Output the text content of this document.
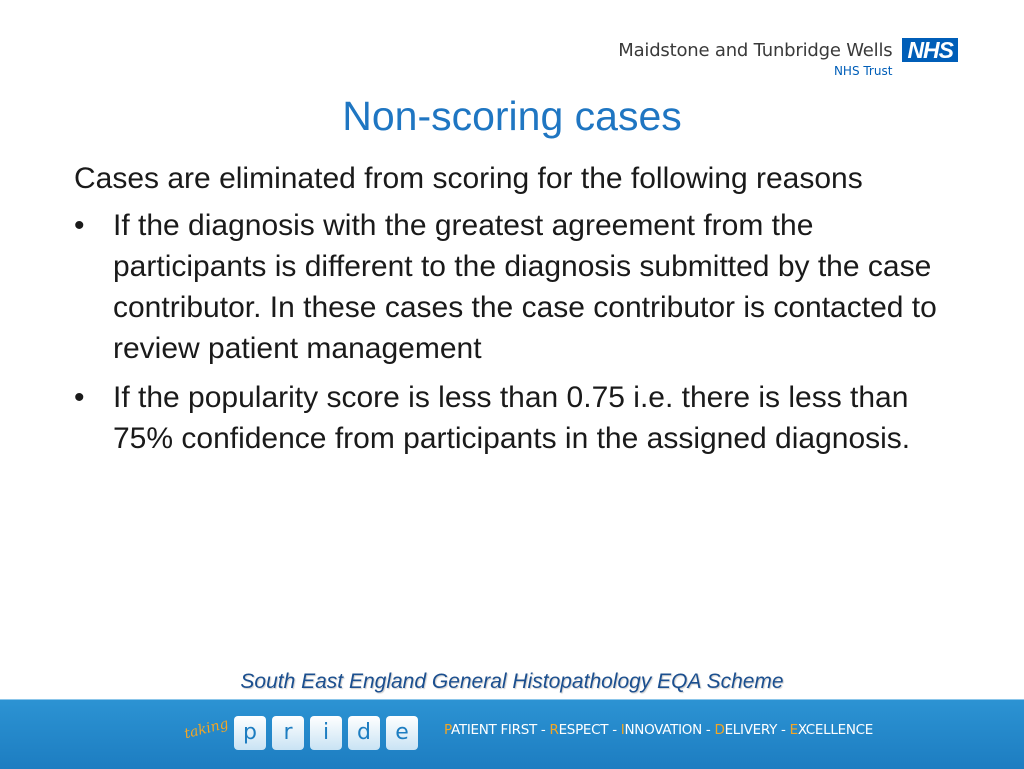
Maidstone and Tunbridge Wells
NHS Trust
NHS
Non-scoring cases

Cases are eliminated from scoring for the following reasons

• If the diagnosis with the greatest agreement from the participants is different to the diagnosis submitted by the case contributor. In these cases the case contributor is contacted to review patient management
• If the popularity score is less than 0.75 i.e. there is less than 75% confidence from participants in the assigned diagnosis.
South East England General Histopathology EQA Scheme
taking p	r	i	d	e	PATIENT FIRST - RESPECT - INNOVATION - DELIVERY - EXCELLENCE
